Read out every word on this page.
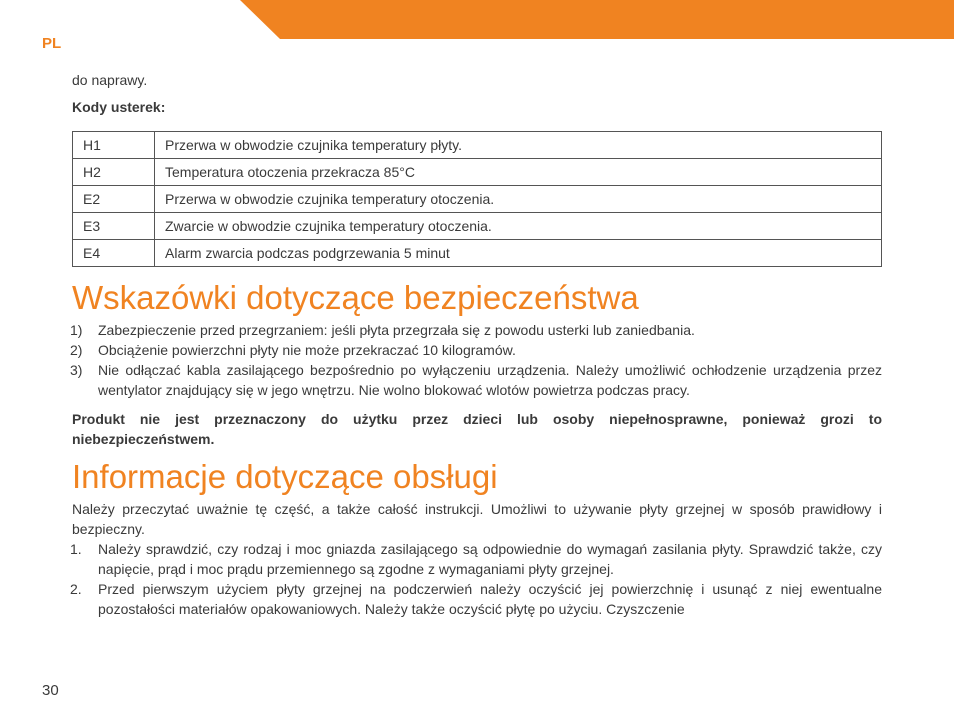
PL

do naprawy.

Kody usterek:

H1	Przerwa w obwodzie czujnika temperatury płyty.
H2	Temperatura otoczenia przekracza 85°C
E2	Przerwa w obwodzie czujnika temperatury otoczenia.
E3	Zwarcie w obwodzie czujnika temperatury otoczenia.
E4	Alarm zwarcia podczas podgrzewania 5 minut
Wskazówki dotyczące bezpieczeństwa
1) Zabezpieczenie przed przegrzaniem: jeśli płyta przegrzała się z powodu usterki lub zaniedbania.
2) Obciążenie powierzchni płyty nie może przekraczać 10 kilogramów.
3) Nie odłączać kabla zasilającego bezpośrednio po wyłączeniu urządzenia. Należy umożliwić ochłodzenie urządzenia przez wentylator znajdujący się w jego wnętrzu. Nie wolno blokować wlotów powietrza podczas pracy.

Produkt nie jest przeznaczony do użytku przez dzieci lub osoby niepełnosprawne, ponieważ grozi to niebezpieczeństwem.

Informacje dotyczące obsługi

Należy przeczytać uważnie tę część, a także całość instrukcji. Umożliwi to używanie płyty grzejnej w sposób prawidłowy i bezpieczny.

1. Należy sprawdzić, czy rodzaj i moc gniazda zasilającego są odpowiednie do wymagań zasilania płyty. Sprawdzić także, czy napięcie, prąd i moc prądu przemiennego są zgodne z wymaganiami płyty grzejnej.
2. Przed pierwszym użyciem płyty grzejnej na podczerwień należy oczyścić jej powierzchnię i usunąć z niej ewentualne pozostałości materiałów opakowaniowych. Należy także oczyścić płytę po użyciu. Czyszczenie
30
